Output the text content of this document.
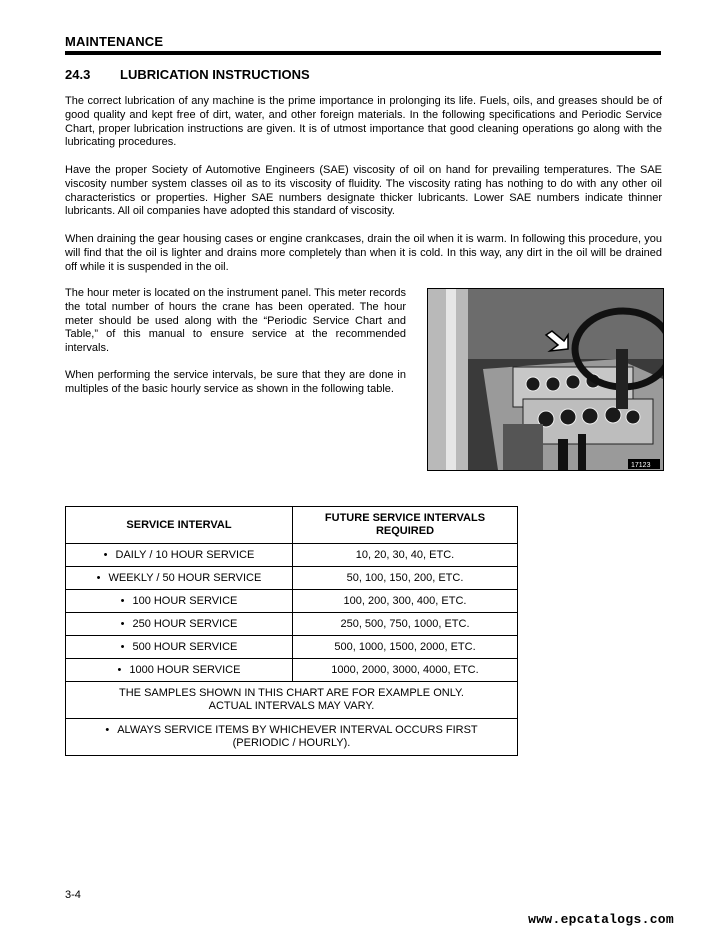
MAINTENANCE
24.3 LUBRICATION INSTRUCTIONS

The correct lubrication of any machine is the prime importance in prolonging its life. Fuels, oils, and greases should be of good quality and kept free of dirt, water, and other foreign materials. In the following specifications and Periodic Service Chart, proper lubrication instructions are given. It is of utmost importance that good cleaning operations go along with the lubricating procedures.

Have the proper Society of Automotive Engineers (SAE) viscosity of oil on hand for prevailing temperatures. The SAE viscosity number system classes oil as to its viscosity of fluidity. The viscosity rating has nothing to do with any other oil characteristics or properties. Higher SAE numbers designate thicker lubricants. Lower SAE numbers indicate thinner lubricants. All oil companies have adopted this standard of viscosity.

When draining the gear housing cases or engine crankcases, drain the oil when it is warm. In following this procedure, you will find that the oil is lighter and drains more completely than when it is cold. In this way, any dirt in the oil will be drained off while it is suspended in the oil.

The hour meter is located on the instrument panel. This meter records the total number of hours the crane has been operated. The hour meter should be used along with the “Periodic Service Chart and Table,” of this manual to ensure service at the recommended intervals.

When performing the service intervals, be sure that they are done in multiples of the basic hourly service as shown in the following table.

17123
SERVICE INTERVAL	FUTURE SERVICE INTERVALS REQUIRED
• DAILY / 10 HOUR SERVICE	10, 20, 30, 40, ETC.
• WEEKLY / 50 HOUR SERVICE	50, 100, 150, 200, ETC.
• 100 HOUR SERVICE	100, 200, 300, 400, ETC.
• 250 HOUR SERVICE	250, 500, 750, 1000, ETC.
• 500 HOUR SERVICE	500, 1000, 1500, 2000, ETC.
• 1000 HOUR SERVICE	1000, 2000, 3000, 4000, ETC.

THE SAMPLES SHOWN IN THIS CHART ARE FOR EXAMPLE ONLY.
ACTUAL INTERVALS MAY VARY.	

• ALWAYS SERVICE ITEMS BY WHICHEVER INTERVAL OCCURS FIRST
(PERIODIC / HOURLY).	
3-4
www.epcatalogs.com
